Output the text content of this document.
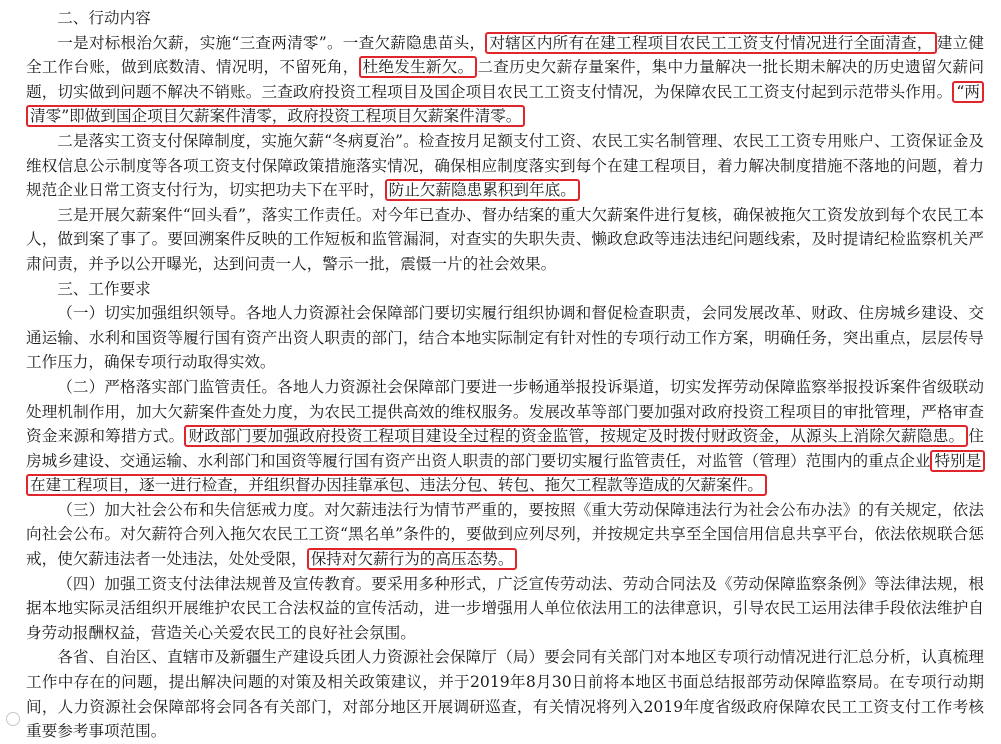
二、行动内容

一是对标根治欠薪，实施“三查两清零”。一查欠薪隐患苗头， 对辖区内所有在建工程项目农民工工资支付情况进行全面清查， 建立健全工作台账，做到底数清、情况明，不留死角， 杜绝发生新欠。 二查历史欠薪存量案件，集中力量解决一批长期未解决的历史遗留欠薪问题，切实做到问题不解决不销账。三查政府投资工程项目及国企项目农民工工资支付情况，为保障农民工工资支付起到示范带头作用。 “两清零”即做到国企项目欠薪案件清零，政府投资工程项目欠薪案件清零。

二是落实工资支付保障制度，实施欠薪“冬病夏治”。检查按月足额支付工资、农民工实名制管理、农民工工资专用账户、工资保证金及维权信息公示制度等各项工资支付保障政策措施落实情况，确保相应制度落实到每个在建工程项目，着力解决制度措施不落地的问题，着力规范企业日常工资支付行为，切实把功夫下在平时， 防止欠薪隐患累积到年底。

三是开展欠薪案件“回头看”，落实工作责任。对今年已查办、督办结案的重大欠薪案件进行复核，确保被拖欠工资发放到每个农民工本人，做到案了事了。要回溯案件反映的工作短板和监管漏洞，对查实的失职失责、懒政怠政等违法违纪问题线索，及时提请纪检监察机关严肃问责，并予以公开曝光，达到问责一人，警示一批，震慑一片的社会效果。

三、工作要求

（一）切实加强组织领导。各地人力资源社会保障部门要切实履行组织协调和督促检查职责，会同发展改革、财政、住房城乡建设、交通运输、水利和国资等履行国有资产出资人职责的部门，结合本地实际制定有针对性的专项行动工作方案，明确任务，突出重点，层层传导工作压力，确保专项行动取得实效。

（二）严格落实部门监管责任。各地人力资源社会保障部门要进一步畅通举报投诉渠道，切实发挥劳动保障监察举报投诉案件省级联动处理机制作用，加大欠薪案件查处力度，为农民工提供高效的维权服务。发展改革等部门要加强对政府投资工程项目的审批管理，严格审查资金来源和筹措方式。 财政部门要加强政府投资工程项目建设全过程的资金监管，按规定及时拨付财政资金，从源头上消除欠薪隐患。 住房城乡建设、交通运输、水利部门和国资等履行国有资产出资人职责的部门要切实履行监管责任，对监管（管理）范围内的重点企业 特别是在建工程项目，逐一进行检查，并组织督办因挂靠承包、违法分包、转包、拖欠工程款等造成的欠薪案件。

（三）加大社会公布和失信惩戒力度。对欠薪违法行为情节严重的，要按照《重大劳动保障违法行为社会公布办法》的有关规定，依法向社会公布。对欠薪符合列入拖欠农民工工资“黑名单”条件的，要做到应列尽列，并按规定共享至全国信用信息共享平台，依法依规联合惩戒，使欠薪违法者一处违法，处处受限， 保持对欠薪行为的高压态势。

（四）加强工资支付法律法规普及宣传教育。要采用多种形式，广泛宣传劳动法、劳动合同法及《劳动保障监察条例》等法律法规，根据本地实际灵活组织开展维护农民工合法权益的宣传活动，进一步增强用人单位依法用工的法律意识，引导农民工运用法律手段依法维护自身劳动报酬权益，营造关心关爱农民工的良好社会氛围。

各省、自治区、直辖市及新疆生产建设兵团人力资源社会保障厅（局）要会同有关部门对本地区专项行动情况进行汇总分析，认真梳理工作中存在的问题，提出解决问题的对策及相关政策建议，并于2019年8月30日前将本地区书面总结报部劳动保障监察局。在专项行动期间，人力资源社会保障部将会同各有关部门，对部分地区开展调研巡查，有关情况将列入2019年度省级政府保障农民工工资支付工作考核重要参考事项范围。
